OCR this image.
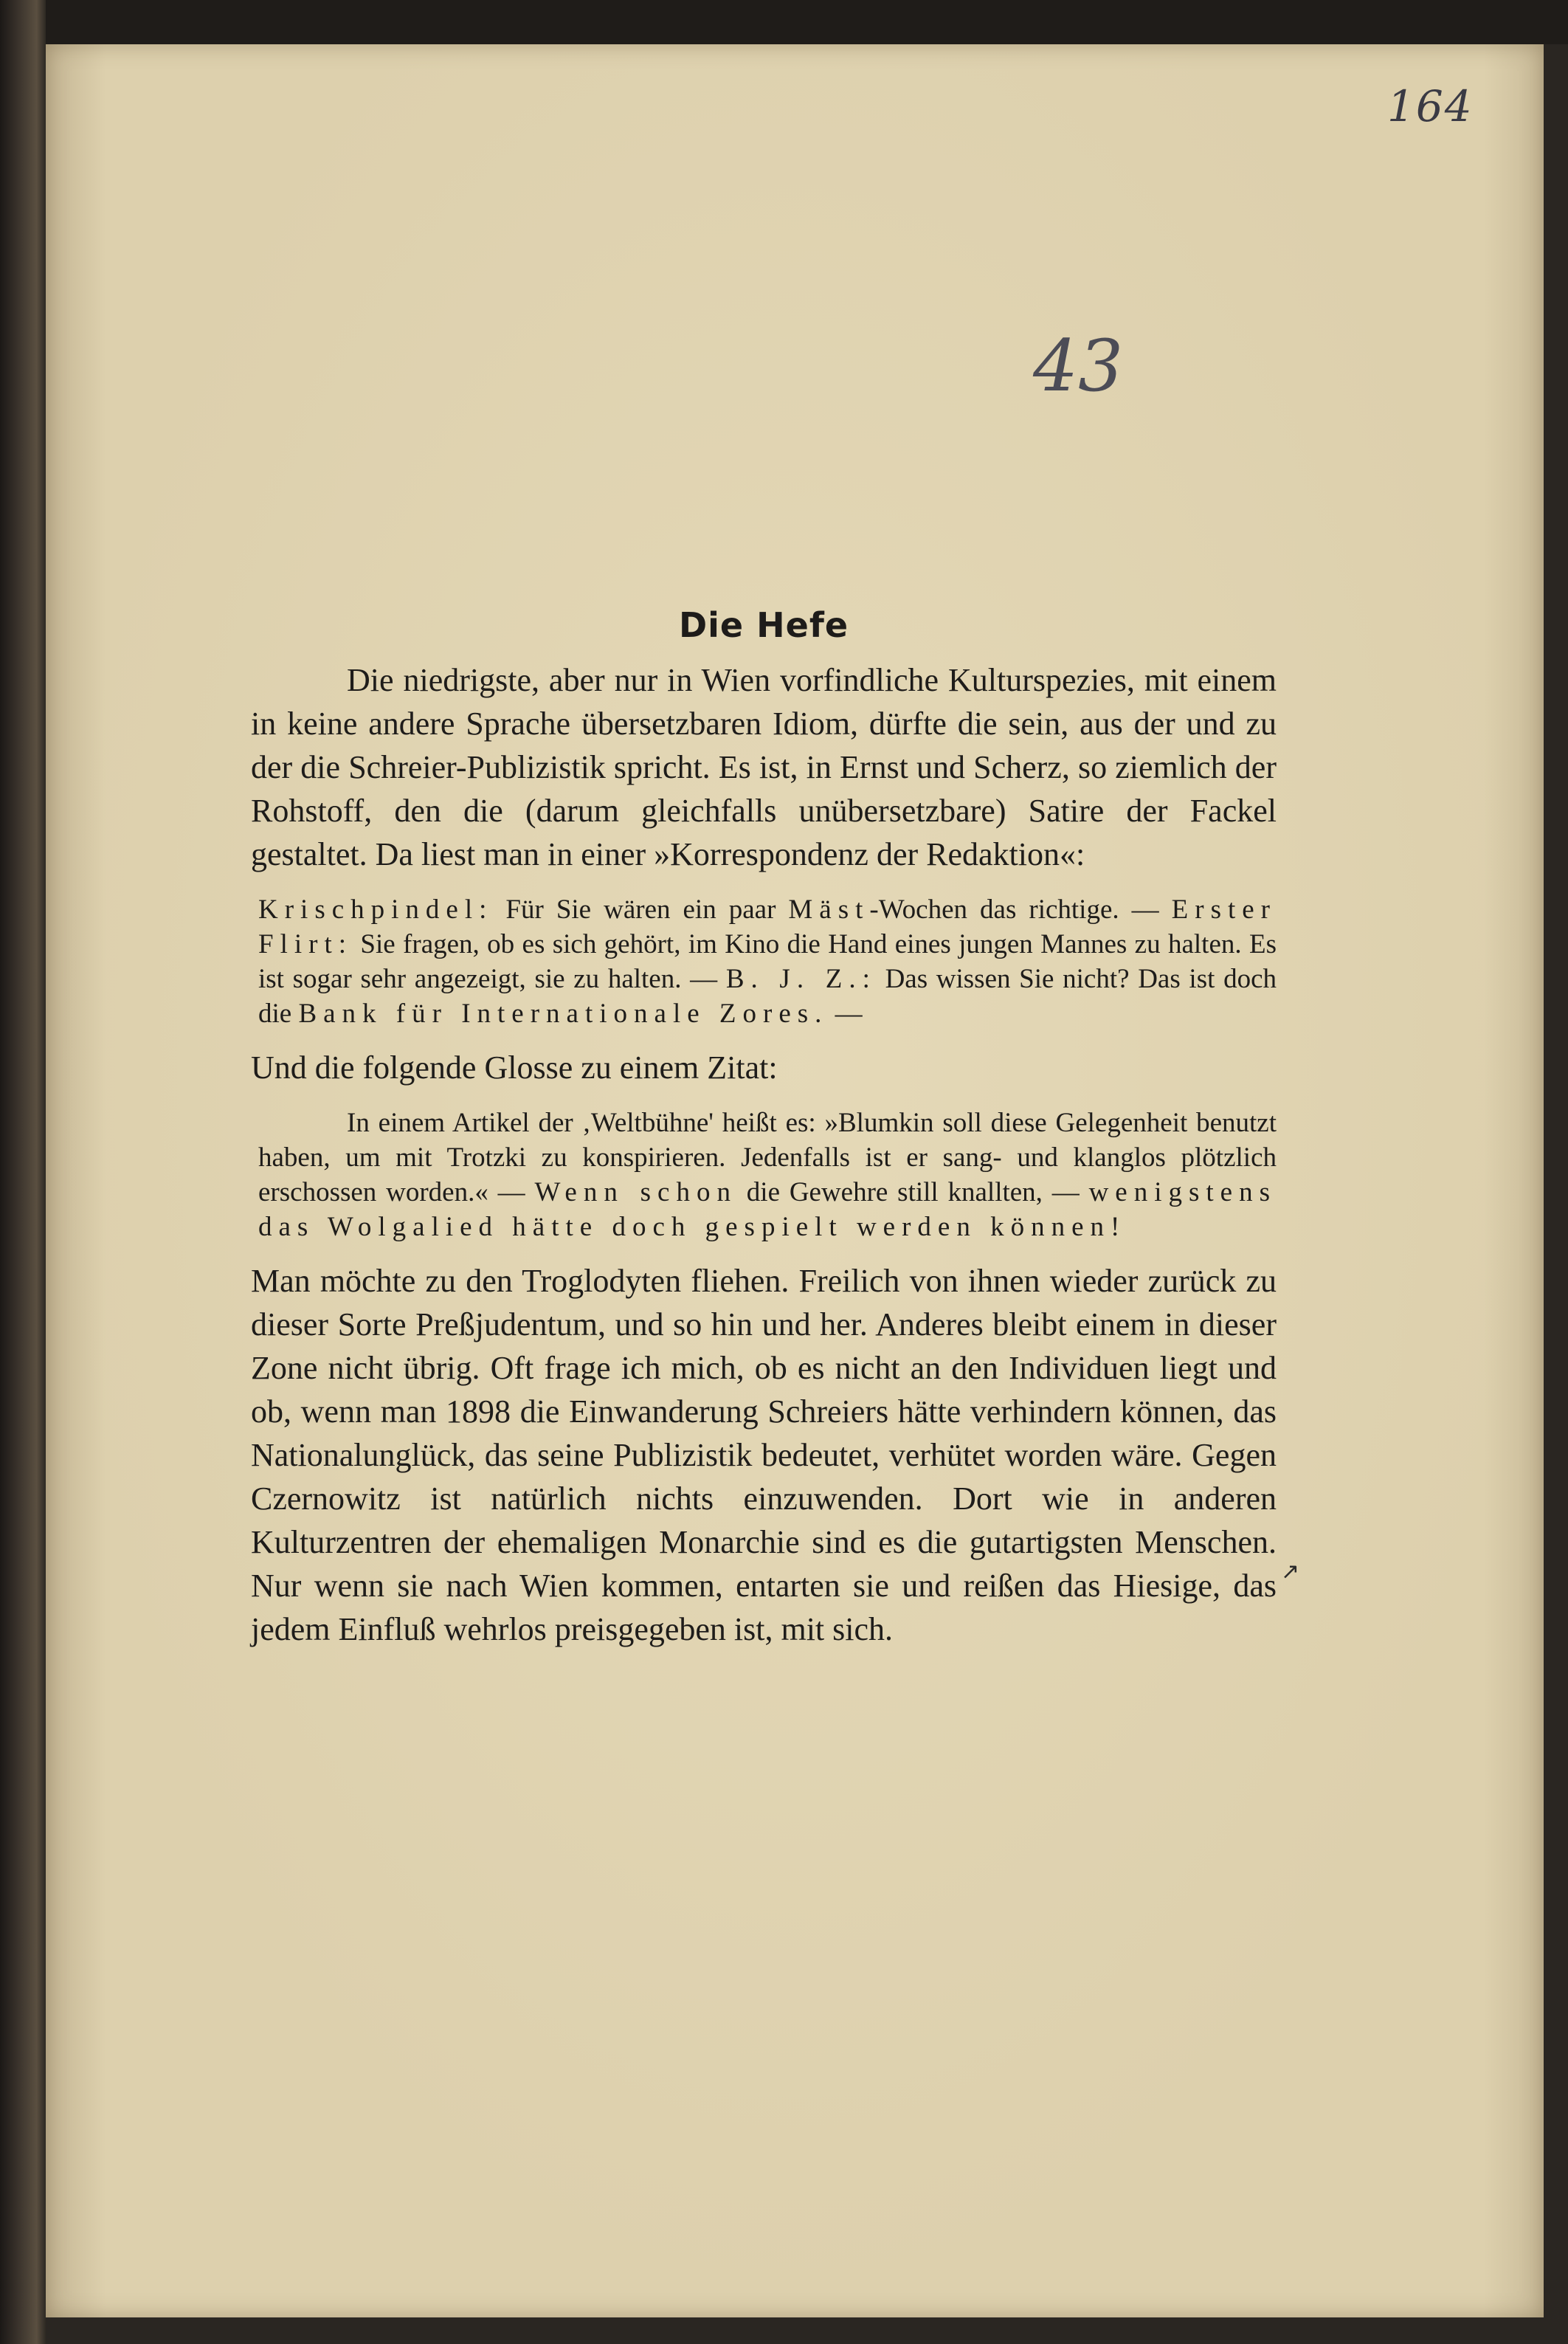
164
43
Die Hefe

Die niedrigste, aber nur in Wien vorfindliche Kulturspezies, mit einem in keine andere Sprache übersetzbaren Idiom, dürfte die sein, aus der und zu der die Schreier-Publizistik spricht. Es ist, in Ernst und Scherz, so ziemlich der Rohstoff, den die (darum gleichfalls unübersetzbare) Satire der Fackel gestaltet. Da liest man in einer »Korrespondenz der Redaktion«:

Krischpindel: Für Sie wären ein paar Mäst-Wochen das richtige. — Erster Flirt: Sie fragen, ob es sich gehört, im Kino die Hand eines jungen Mannes zu halten. Es ist sogar sehr angezeigt, sie zu halten. — B. J. Z.: Das wissen Sie nicht? Das ist doch die Bank für Internationale Zores. —

Und die folgende Glosse zu einem Zitat:

In einem Artikel der ‚Weltbühne' heißt es: »Blumkin soll diese Gelegenheit benutzt haben, um mit Trotzki zu konspirieren. Jedenfalls ist er sang- und klanglos plötzlich erschossen worden.« — Wenn schon die Gewehre still knallten, — wenigstens das Wolgalied hätte doch gespielt werden können!

Man möchte zu den Troglodyten fliehen. Freilich von ihnen wieder zurück zu dieser Sorte Preßjudentum, und so hin und her. Anderes bleibt einem in dieser Zone nicht übrig. Oft frage ich mich, ob es nicht an den Individuen liegt und ob, wenn man 1898 die Einwanderung Schreiers hätte verhindern können, das Nationalunglück, das seine Publizistik bedeutet, verhütet worden wäre. Gegen Czernowitz ist natürlich nichts einzuwenden. Dort wie in anderen Kulturzentren der ehemaligen Monarchie sind es die gutartigsten Menschen. Nur wenn sie nach Wien kommen, entarten sie und reißen das Hiesige, das jedem Einfluß wehrlos preisgegeben ist, mit sich.

↗
